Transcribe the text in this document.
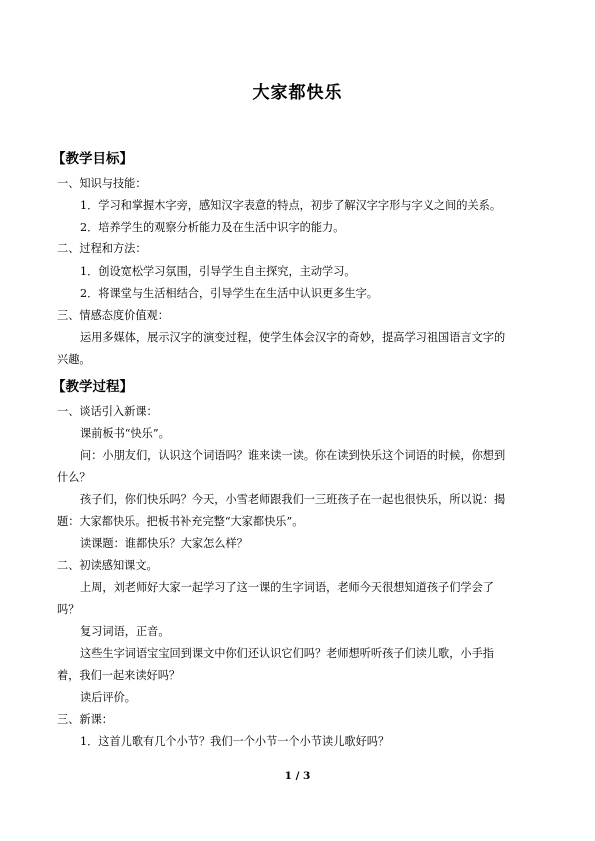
大家都快乐
【教学目标】
一、知识与技能：
1．学习和掌握木字旁，感知汉字表意的特点，初步了解汉字字形与字义之间的关系。
2．培养学生的观察分析能力及在生活中识字的能力。
二、过程和方法：
1．创设宽松学习氛围，引导学生自主探究，主动学习。
2．将课堂与生活相结合，引导学生在生活中认识更多生字。
三、情感态度价值观：
运用多媒体，展示汉字的演变过程，使学生体会汉字的奇妙，提高学习祖国语言文字的
兴趣。
【教学过程】
一、谈话引入新课：
课前板书“快乐”。
问：小朋友们，认识这个词语吗？谁来读一读。你在读到快乐这个词语的时候，你想到
什么？
孩子们，你们快乐吗？今天，小雪老师跟我们一三班孩子在一起也很快乐，所以说：揭
题：大家都快乐。把板书补充完整“大家都快乐”。
读课题：谁都快乐？大家怎么样？
二、初读感知课文。
上周，刘老师好大家一起学习了这一课的生字词语，老师今天很想知道孩子们学会了
吗？
复习词语，正音。
这些生字词语宝宝回到课文中你们还认识它们吗？老师想听听孩子们读儿歌，小手指
着，我们一起来读好吗？
读后评价。
三、新课：
1．这首儿歌有几个小节？我们一个小节一个小节读儿歌好吗？
1 / 3
